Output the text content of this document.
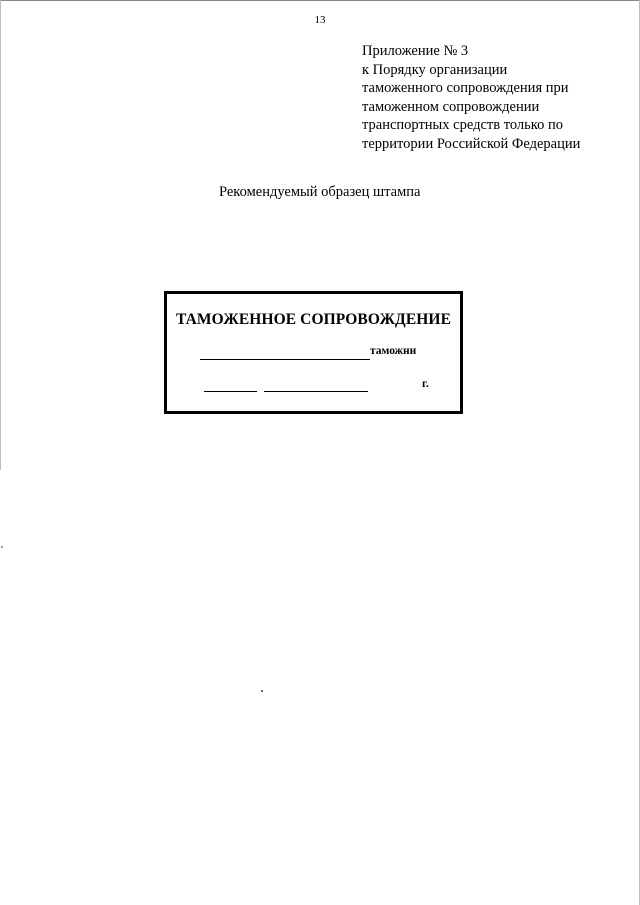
13
Приложение № 3
к Порядку организации
таможенного сопровождения при
таможенном сопровождении
транспортных средств только по
территории Российской Федерации
Рекомендуемый образец штампа
ТАМОЖЕННОЕ СОПРОВОЖДЕНИЕ
таможни
г.
